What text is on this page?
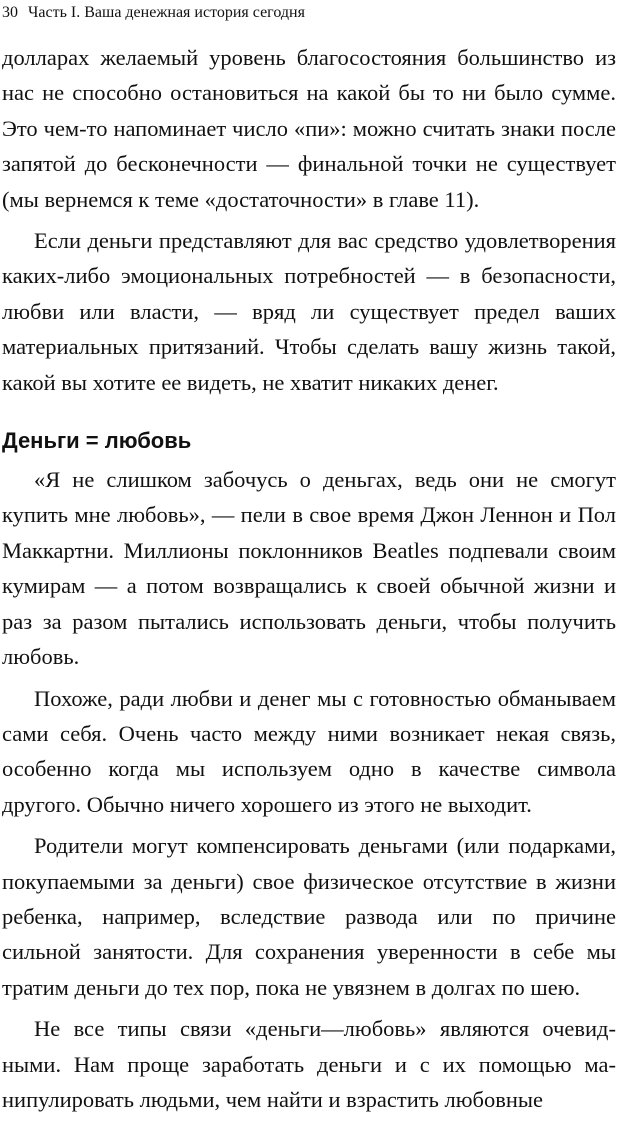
30 Часть I. Ваша денежная история сегодня

долларах желаемый уровень благосостояния большинство из нас не способно остановиться на какой бы то ни было сумме. Это чем-то напоминает число «пи»: можно считать знаки после запятой до бесконечности — финальной точки не существует (мы вернемся к теме «достаточности» в главе 11).

Если деньги представляют для вас средство удовлетворения каких-либо эмоциональных потребностей — в безопасности, любви или власти, — вряд ли существует предел ваших материальных притязаний. Чтобы сделать вашу жизнь такой, какой вы хотите ее видеть, не хватит никаких денег.

Деньги = любовь

«Я не слишком забочусь о деньгах, ведь они не смогут купить мне любовь», — пели в свое время Джон Леннон и Пол Маккартни. Миллионы поклонников Beatles подпевали своим кумирам — а потом возвращались к своей обычной жизни и раз за разом пытались использовать деньги, чтобы получить любовь.

Похоже, ради любви и денег мы с готовностью обманываем сами себя. Очень часто между ними возникает некая связь, особенно когда мы используем одно в качестве символа другого. Обычно ничего хорошего из этого не выходит.

Родители могут компенсировать деньгами (или подарками, покупаемыми за деньги) свое физическое отсутствие в жизни ребенка, например, вследствие развода или по причине сильной занятости. Для сохранения уверенности в себе мы тратим деньги до тех пор, пока не увязнем в долгах по шею.

Не все типы связи «деньги—любовь» являются очевидными. Нам проще заработать деньги и с их помощью манипулировать людьми, чем найти и взрастить любовные
